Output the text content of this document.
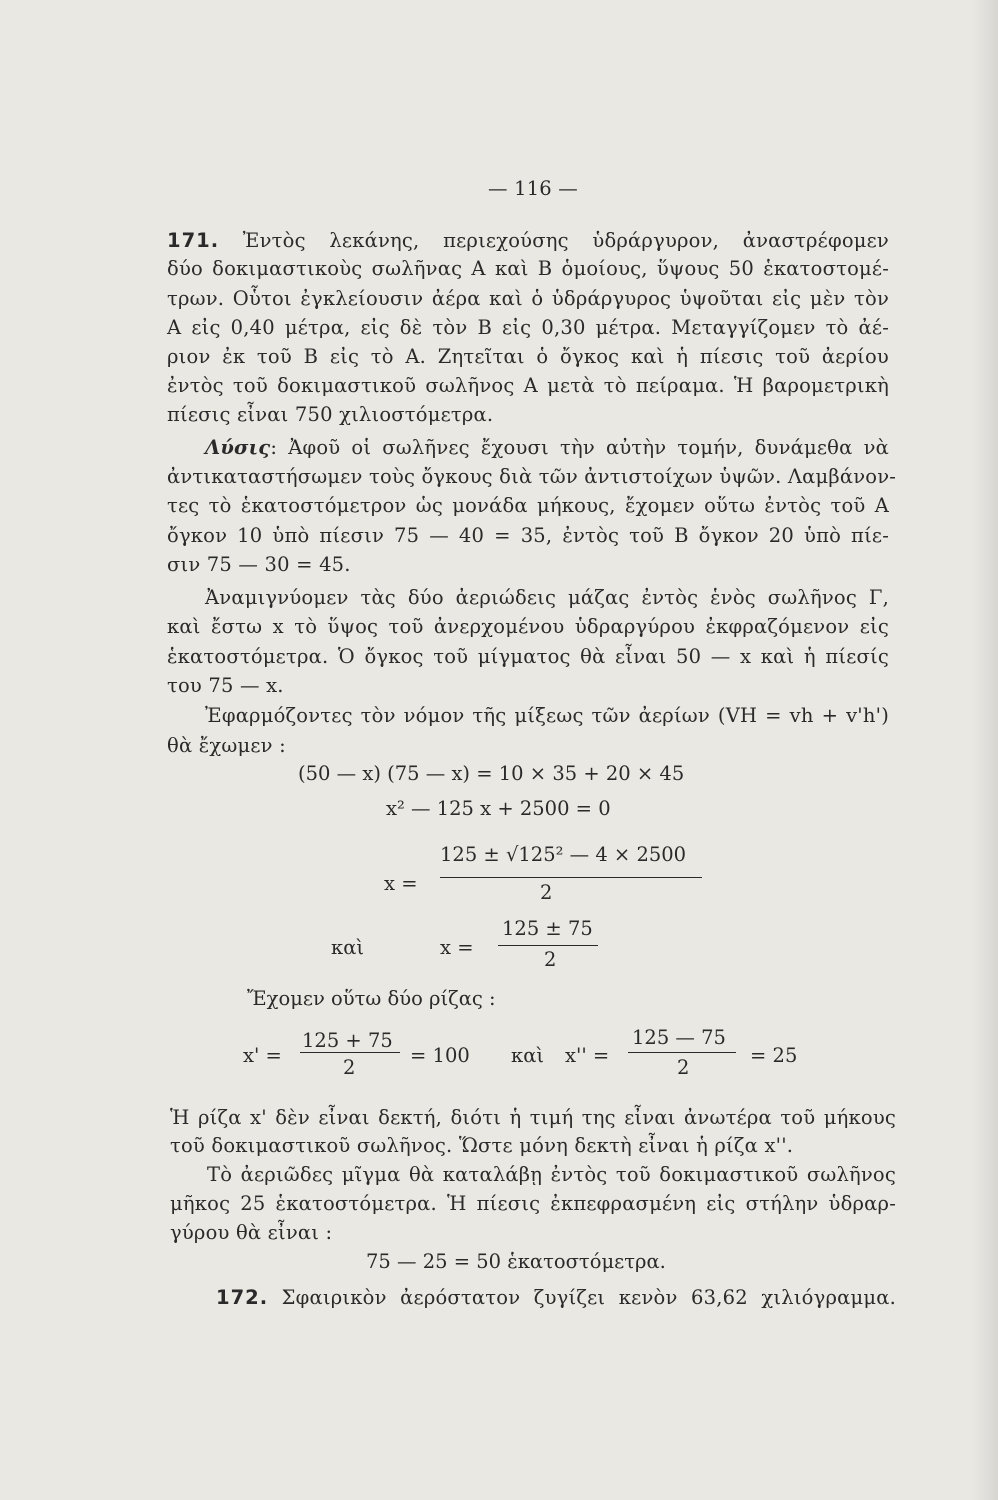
— 116 —
171. Ἐντὸς λεκάνης, περιεχούσης ὑδράργυρον, ἀναστρέφομεν
δύο δοκιμαστικοὺς σωλῆνας Α καὶ Β ὁμοίους, ὕψους 50 ἑκατοστομέ-
τρων. Οὗτοι ἐγκλείουσιν ἀέρα καὶ ὁ ὑδράργυρος ὑψοῦται εἰς μὲν τὸν
Α εἰς 0,40 μέτρα, εἰς δὲ τὸν Β εἰς 0,30 μέτρα. Μεταγγίζομεν τὸ ἀέ-
ριον ἐκ τοῦ Β εἰς τὸ Α. Ζητεῖται ὁ ὄγκος καὶ ἡ πίεσις τοῦ ἀερίου
ἐντὸς τοῦ δοκιμαστικοῦ σωλῆνος Α μετὰ τὸ πείραμα. Ἡ βαρομετρικὴ
πίεσις εἶναι 750 χιλιοστόμετρα.
Λύσις: Ἀφοῦ οἱ σωλῆνες ἔχουσι τὴν αὐτὴν τομήν, δυνάμεθα νὰ
ἀντικαταστήσωμεν τοὺς ὄγκους διὰ τῶν ἀντιστοίχων ὑψῶν. Λαμβάνον-
τες τὸ ἑκατοστόμετρον ὡς μονάδα μήκους, ἔχομεν οὕτω ἐντὸς τοῦ Α
ὄγκον 10 ὑπὸ πίεσιν 75 — 40 = 35, ἐντὸς τοῦ Β ὄγκον 20 ὑπὸ πίε-
σιν 75 — 30 = 45.
Ἀναμιγνύομεν τὰς δύο ἀεριώδεις μάζας ἐντὸς ἑνὸς σωλῆνος Γ,
καὶ ἔστω x τὸ ὕψος τοῦ ἀνερχομένου ὑδραργύρου ἐκφραζόμενον εἰς
ἑκατοστόμετρα. Ὁ ὄγκος τοῦ μίγματος θὰ εἶναι 50 — x καὶ ἡ πίεσίς
του 75 — x.
Ἐφαρμόζοντες τὸν νόμον τῆς μίξεως τῶν ἀερίων (VH = vh + v'h')
θὰ ἔχωμεν :
(50 — x) (75 — x) = 10 × 35 + 20 × 45
x² — 125 x + 2500 = 0
x =
125 ± √125² — 4 × 2500
2
καὶ	x =
125 ± 75
2
Ἔχομεν οὕτω δύο ρίζας :
x' =
125 + 75
2
= 100 καὶ x'' =
125 — 75
2
= 25
Ἡ ρίζα x' δὲν εἶναι δεκτή, διότι ἡ τιμή της εἶναι ἀνωτέρα τοῦ μήκους
τοῦ δοκιμαστικοῦ σωλῆνος. Ὥστε μόνη δεκτὴ εἶναι ἡ ρίζα x''.
Τὸ ἀεριῶδες μῖγμα θὰ καταλάβῃ ἐντὸς τοῦ δοκιμαστικοῦ σωλῆνος
μῆκος 25 ἑκατοστόμετρα. Ἡ πίεσις ἐκπεφρασμένη εἰς στήλην ὑδραρ-
γύρου θὰ εἶναι :
75 — 25 = 50 ἑκατοστόμετρα.
172. Σφαιρικὸν ἀερόστατον ζυγίζει κενὸν 63,62 χιλιόγραμμα.
